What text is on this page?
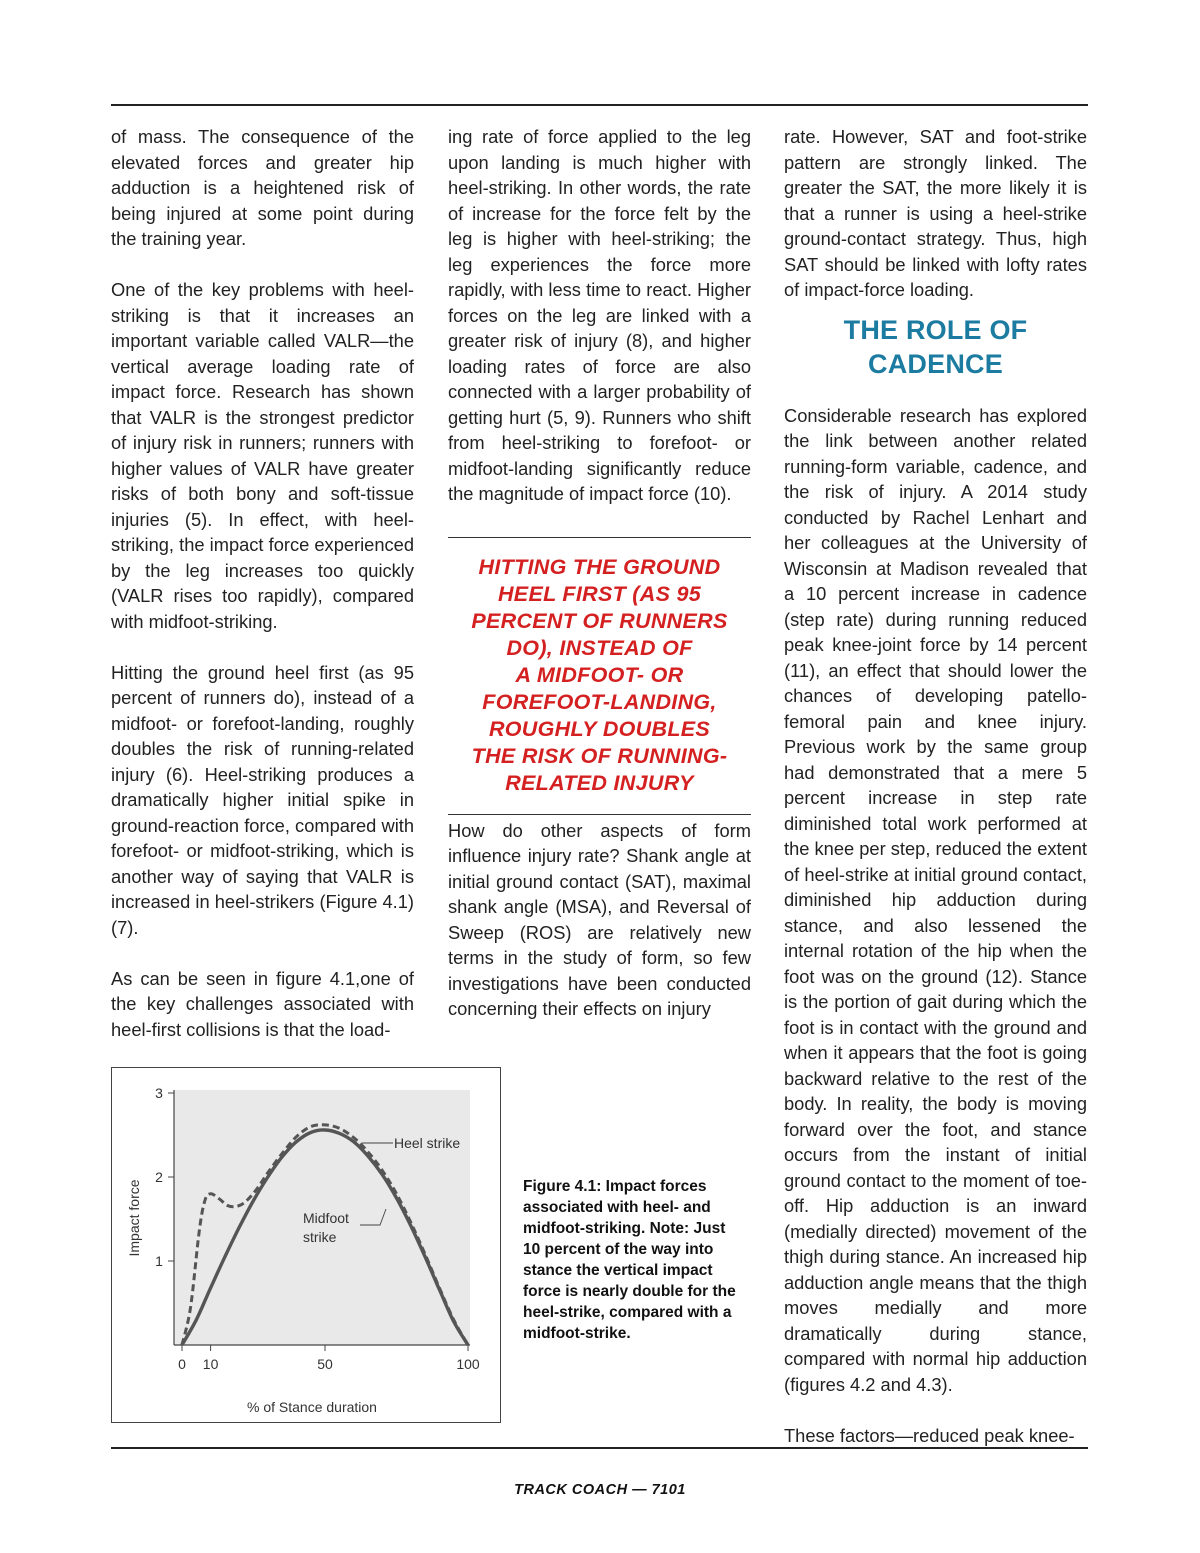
of mass. The consequence of the elevated forces and greater hip adduction is a heightened risk of being injured at some point during the training year.

One of the key problems with heel-striking is that it increases an important variable called VALR—the vertical average loading rate of impact force. Research has shown that VALR is the strongest predictor of injury risk in runners; runners with higher values of VALR have greater risks of both bony and soft-tissue injuries (5). In effect, with heel-striking, the impact force experienced by the leg increases too quickly (VALR rises too rapidly), compared with midfoot-striking.

Hitting the ground heel first (as 95 percent of runners do), instead of a midfoot- or forefoot-landing, roughly doubles the risk of running-related injury (6). Heel-striking produces a dramatically higher initial spike in ground-reaction force, compared with forefoot- or midfoot-striking, which is another way of saying that VALR is increased in heel-strikers (Figure 4.1) (7).

As can be seen in figure 4.1,one of the key challenges associated with heel-first collisions is that the load-

ing rate of force applied to the leg upon landing is much higher with heel-striking. In other words, the rate of increase for the force felt by the leg is higher with heel-striking; the leg experiences the force more rapidly, with less time to react. Higher forces on the leg are linked with a greater risk of injury (8), and higher loading rates of force are also connected with a larger probability of getting hurt (5, 9). Runners who shift from heel-striking to forefoot- or midfoot-landing significantly reduce the magnitude of impact force (10).

How do other aspects of form influence injury rate? Shank angle at initial ground contact (SAT), maximal shank angle (MSA), and Reversal of Sweep (ROS) are relatively new terms in the study of form, so few investigations have been conducted concerning their effects on injury

HITTING THE GROUND
HEEL FIRST (AS 95
PERCENT OF RUNNERS
DO), INSTEAD OF
A MIDFOOT- OR
FOREFOOT-LANDING,
ROUGHLY DOUBLES
THE RISK OF RUNNING-
RELATED INJURY

rate. However, SAT and foot-strike pattern are strongly linked. The greater the SAT, the more likely it is that a runner is using a heel-strike ground-contact strategy. Thus, high SAT should be linked with lofty rates of impact-force loading.

THE ROLE OF CADENCE

Considerable research has explored the link between another related running-form variable, cadence, and the risk of injury. A 2014 study conducted by Rachel Lenhart and her colleagues at the University of Wisconsin at Madison revealed that a 10 percent increase in cadence (step rate) during running reduced peak knee-joint force by 14 percent (11), an effect that should lower the chances of developing patello-femoral pain and knee injury. Previous work by the same group had demonstrated that a mere 5 percent increase in step rate diminished total work performed at the knee per step, reduced the extent of heel-strike at initial ground contact, diminished hip adduction during stance, and also lessened the internal rotation of the hip when the foot was on the ground (12). Stance is the portion of gait during which the foot is in contact with the ground and when it appears that the foot is going backward relative to the rest of the body. In reality, the body is moving forward over the foot, and stance occurs from the instant of initial ground contact to the moment of toe-off. Hip adduction is an inward (medially directed) movement of the thigh during stance. An increased hip adduction angle means that the thigh moves medially and more dramatically during stance, compared with normal hip adduction (figures 4.2 and 4.3).

These factors—reduced peak knee-

1
2
3
0 10	50	100
Impact force
% of Stance duration
Heel strike
Midfoot
strike
Figure 4.1: Impact forces associated with heel- and midfoot-striking. Note: Just 10 percent of the way into stance the vertical impact force is nearly double for the heel-strike, compared with a midfoot-strike.
TRACK COACH — 7101
